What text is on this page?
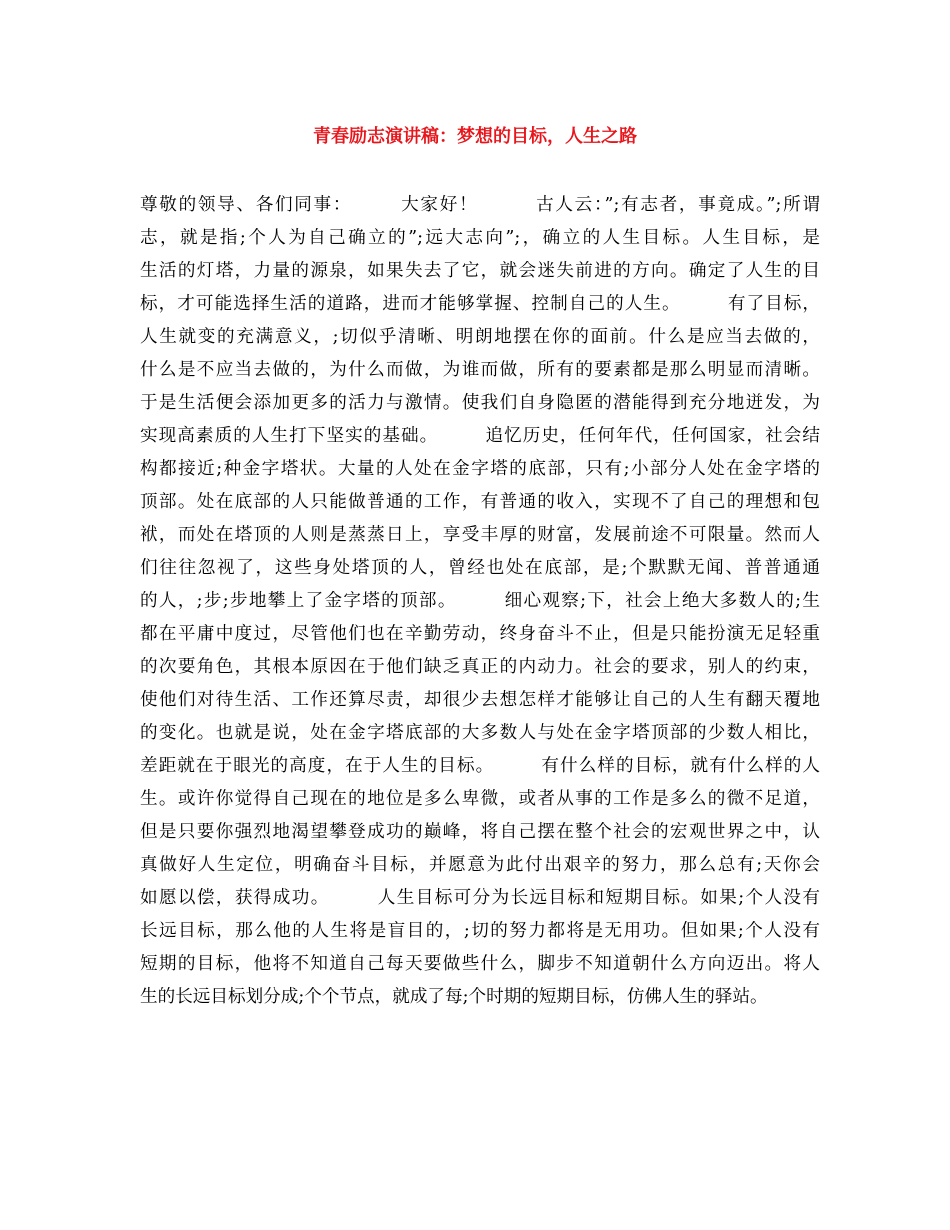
青春励志演讲稿：梦想的目标，人生之路
尊敬的领导、各们同事：　　　大家好！　　　古人云：”;有志者，事竟成。”;所谓
志，就是指;个人为自己确立的”;远大志向”;，确立的人生目标。人生目标，是
生活的灯塔，力量的源泉，如果失去了它，就会迷失前进的方向。确定了人生的目
标，才可能选择生活的道路，进而才能够掌握、控制自己的人生。　　　有了目标，
人生就变的充满意义，;切似乎清晰、明朗地摆在你的面前。什么是应当去做的，
什么是不应当去做的，为什么而做，为谁而做，所有的要素都是那么明显而清晰。
于是生活便会添加更多的活力与激情。使我们自身隐匿的潜能得到充分地迸发，为
实现高素质的人生打下坚实的基础。　　　追忆历史，任何年代，任何国家，社会结
构都接近;种金字塔状。大量的人处在金字塔的底部，只有;小部分人处在金字塔的
顶部。处在底部的人只能做普通的工作，有普通的收入，实现不了自己的理想和包
袱，而处在塔顶的人则是蒸蒸日上，享受丰厚的财富，发展前途不可限量。然而人
们往往忽视了，这些身处塔顶的人，曾经也处在底部，是;个默默无闻、普普通通
的人，;步;步地攀上了金字塔的顶部。　　　细心观察;下，社会上绝大多数人的;生
都在平庸中度过，尽管他们也在辛勤劳动，终身奋斗不止，但是只能扮演无足轻重
的次要角色，其根本原因在于他们缺乏真正的内动力。社会的要求，别人的约束，
使他们对待生活、工作还算尽责，却很少去想怎样才能够让自己的人生有翻天覆地
的变化。也就是说，处在金字塔底部的大多数人与处在金字塔顶部的少数人相比，
差距就在于眼光的高度，在于人生的目标。　　　有什么样的目标，就有什么样的人
生。或许你觉得自己现在的地位是多么卑微，或者从事的工作是多么的微不足道，
但是只要你强烈地渴望攀登成功的巅峰，将自己摆在整个社会的宏观世界之中，认
真做好人生定位，明确奋斗目标，并愿意为此付出艰辛的努力，那么总有;天你会
如愿以偿，获得成功。　　　人生目标可分为长远目标和短期目标。如果;个人没有
长远目标，那么他的人生将是盲目的，;切的努力都将是无用功。但如果;个人没有
短期的目标，他将不知道自己每天要做些什么，脚步不知道朝什么方向迈出。将人
生的长远目标划分成;个个节点，就成了每;个时期的短期目标，仿佛人生的驿站。
